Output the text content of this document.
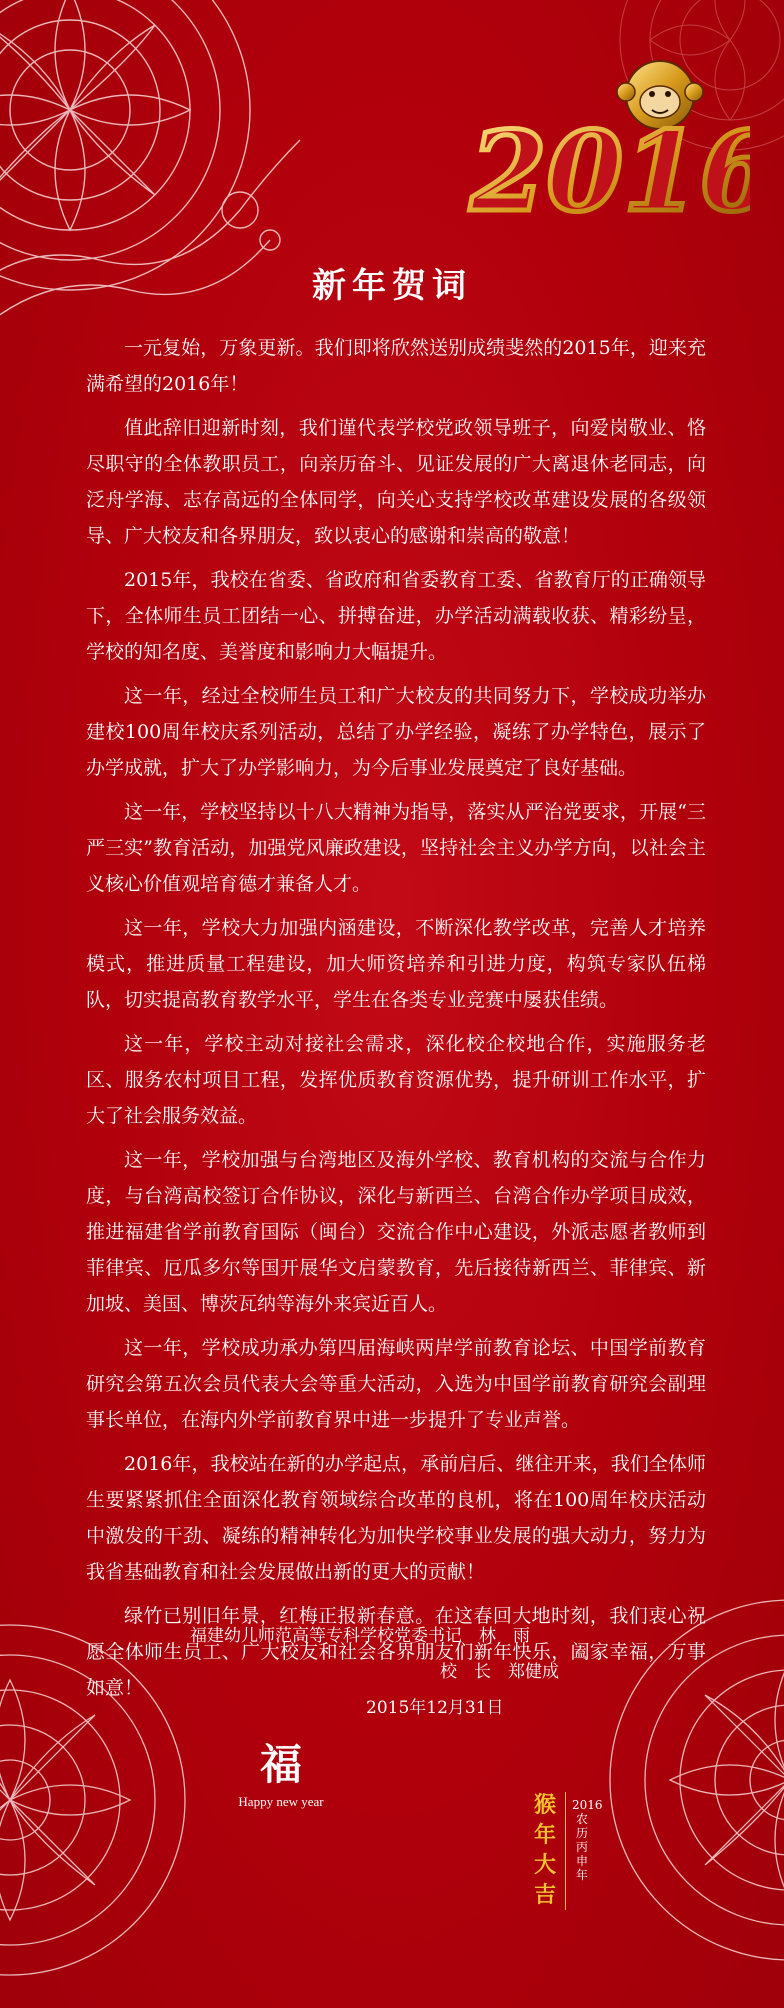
2016
新年贺词

一元复始，万象更新。我们即将欣然送别成绩斐然的2015年，迎来充满希望的2016年！

值此辞旧迎新时刻，我们谨代表学校党政领导班子，向爱岗敬业、恪尽职守的全体教职员工，向亲历奋斗、见证发展的广大离退休老同志，向泛舟学海、志存高远的全体同学，向关心支持学校改革建设发展的各级领导、广大校友和各界朋友，致以衷心的感谢和崇高的敬意！

2015年，我校在省委、省政府和省委教育工委、省教育厅的正确领导下，全体师生员工团结一心、拼搏奋进，办学活动满载收获、精彩纷呈，学校的知名度、美誉度和影响力大幅提升。

这一年，经过全校师生员工和广大校友的共同努力下，学校成功举办建校100周年校庆系列活动，总结了办学经验，凝练了办学特色，展示了办学成就，扩大了办学影响力，为今后事业发展奠定了良好基础。

这一年，学校坚持以十八大精神为指导，落实从严治党要求，开展“三严三实”教育活动，加强党风廉政建设，坚持社会主义办学方向，以社会主义核心价值观培育德才兼备人才。

这一年，学校大力加强内涵建设，不断深化教学改革，完善人才培养模式，推进质量工程建设，加大师资培养和引进力度，构筑专家队伍梯队，切实提高教育教学水平，学生在各类专业竞赛中屡获佳绩。

这一年，学校主动对接社会需求，深化校企校地合作，实施服务老区、服务农村项目工程，发挥优质教育资源优势，提升研训工作水平，扩大了社会服务效益。

这一年，学校加强与台湾地区及海外学校、教育机构的交流与合作力度，与台湾高校签订合作协议，深化与新西兰、台湾合作办学项目成效，推进福建省学前教育国际（闽台）交流合作中心建设，外派志愿者教师到菲律宾、厄瓜多尔等国开展华文启蒙教育，先后接待新西兰、菲律宾、新加坡、美国、博茨瓦纳等海外来宾近百人。

这一年，学校成功承办第四届海峡两岸学前教育论坛、中国学前教育研究会第五次会员代表大会等重大活动，入选为中国学前教育研究会副理事长单位，在海内外学前教育界中进一步提升了专业声誉。

2016年，我校站在新的办学起点，承前启后、继往开来，我们全体师生要紧紧抓住全面深化教育领域综合改革的良机，将在100周年校庆活动中激发的干劲、凝练的精神转化为加快学校事业发展的强大动力，努力为我省基础教育和社会发展做出新的更大的贡献！

绿竹已别旧年景，红梅正报新春意。在这春回大地时刻，我们衷心祝愿全体师生员工、广大校友和社会各界朋友们新年快乐，阖家幸福，万事如意！

福建幼儿师范高等专科学校党委书记　林　雨
校　长　郑健成
2015年12月31日
福
Happy new year	猴年大吉
2016农历丙申年
